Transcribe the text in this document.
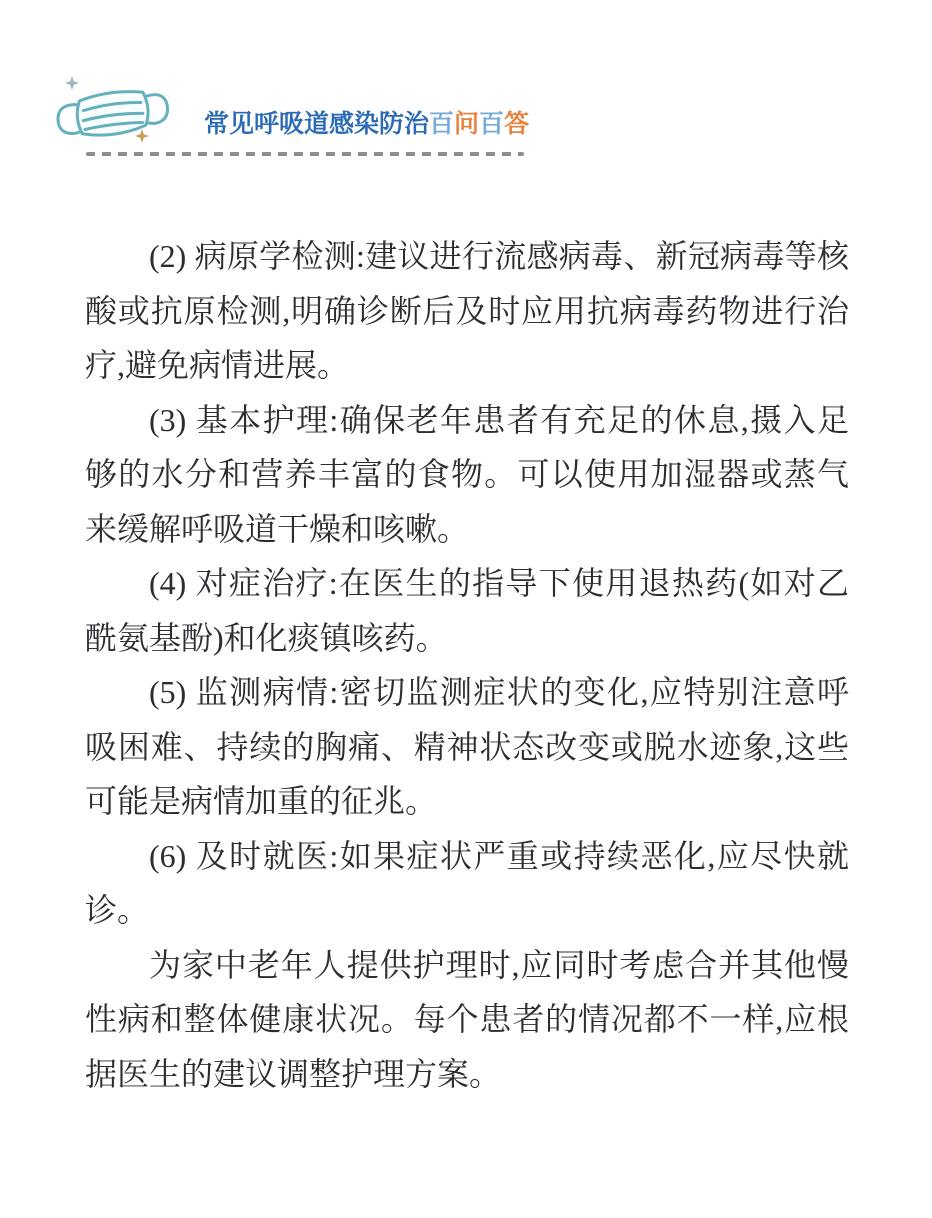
常见呼吸道感染防治百问百答

(2) 病原学检测:建议进行流感病毒、新冠病毒等核酸或抗原检测,明确诊断后及时应用抗病毒药物进行治疗,避免病情进展。

(3) 基本护理:确保老年患者有充足的休息,摄入足够的水分和营养丰富的食物。可以使用加湿器或蒸气来缓解呼吸道干燥和咳嗽。

(4) 对症治疗:在医生的指导下使用退热药(如对乙酰氨基酚)和化痰镇咳药。

(5) 监测病情:密切监测症状的变化,应特别注意呼吸困难、持续的胸痛、精神状态改变或脱水迹象,这些可能是病情加重的征兆。

(6) 及时就医:如果症状严重或持续恶化,应尽快就诊。

为家中老年人提供护理时,应同时考虑合并其他慢性病和整体健康状况。每个患者的情况都不一样,应根据医生的建议调整护理方案。
